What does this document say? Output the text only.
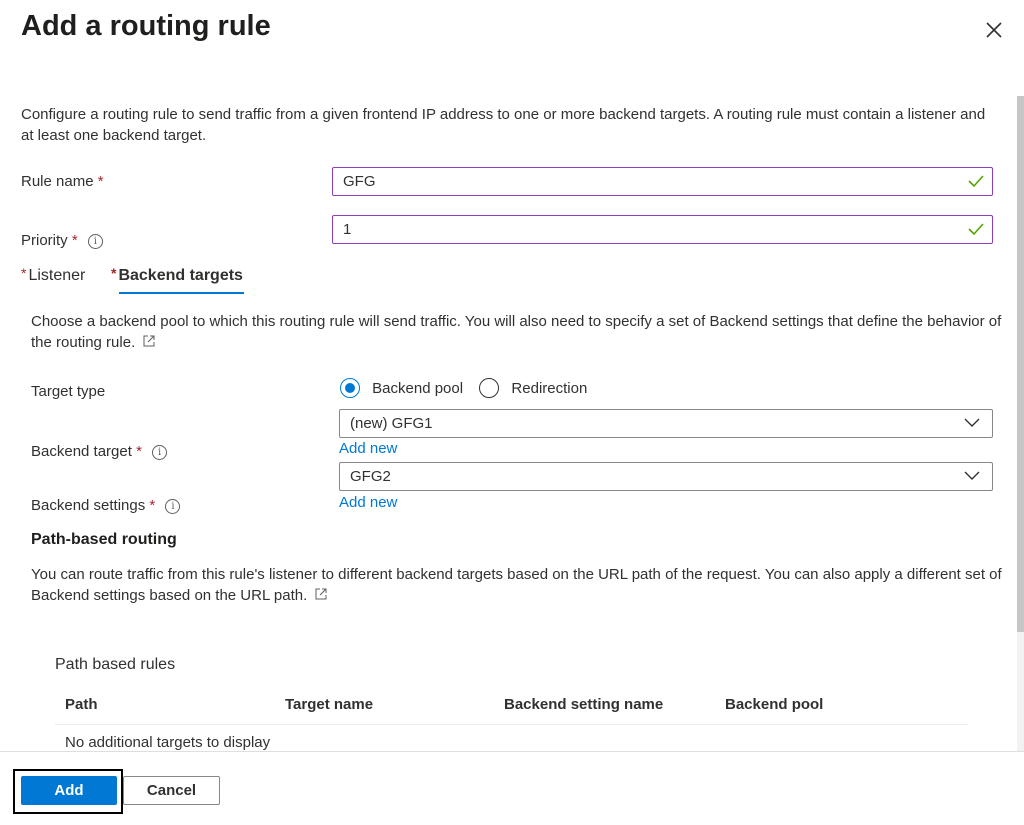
Add a routing rule
Configure a routing rule to send traffic from a given frontend IP address to one or more backend targets. A routing rule must contain a listener and at least one backend target.
Rule name *	GFG
Priority * i
1
* Listener * Backend targets
Choose a backend pool to which this routing rule will send traffic. You will also need to specify a set of Backend settings that define the behavior of the routing rule.
Target type	Backend pool	Redirection
Backend target * i
(new) GFG1
Add new
Backend settings * i
GFG2
Add new
Path-based routing
You can route traffic from this rule's listener to different backend targets based on the URL path of the request. You can also apply a different set of Backend settings based on the URL path.
Path based rules
Path	Target name	Backend setting name	Backend pool
No additional targets to display
Add	Cancel
